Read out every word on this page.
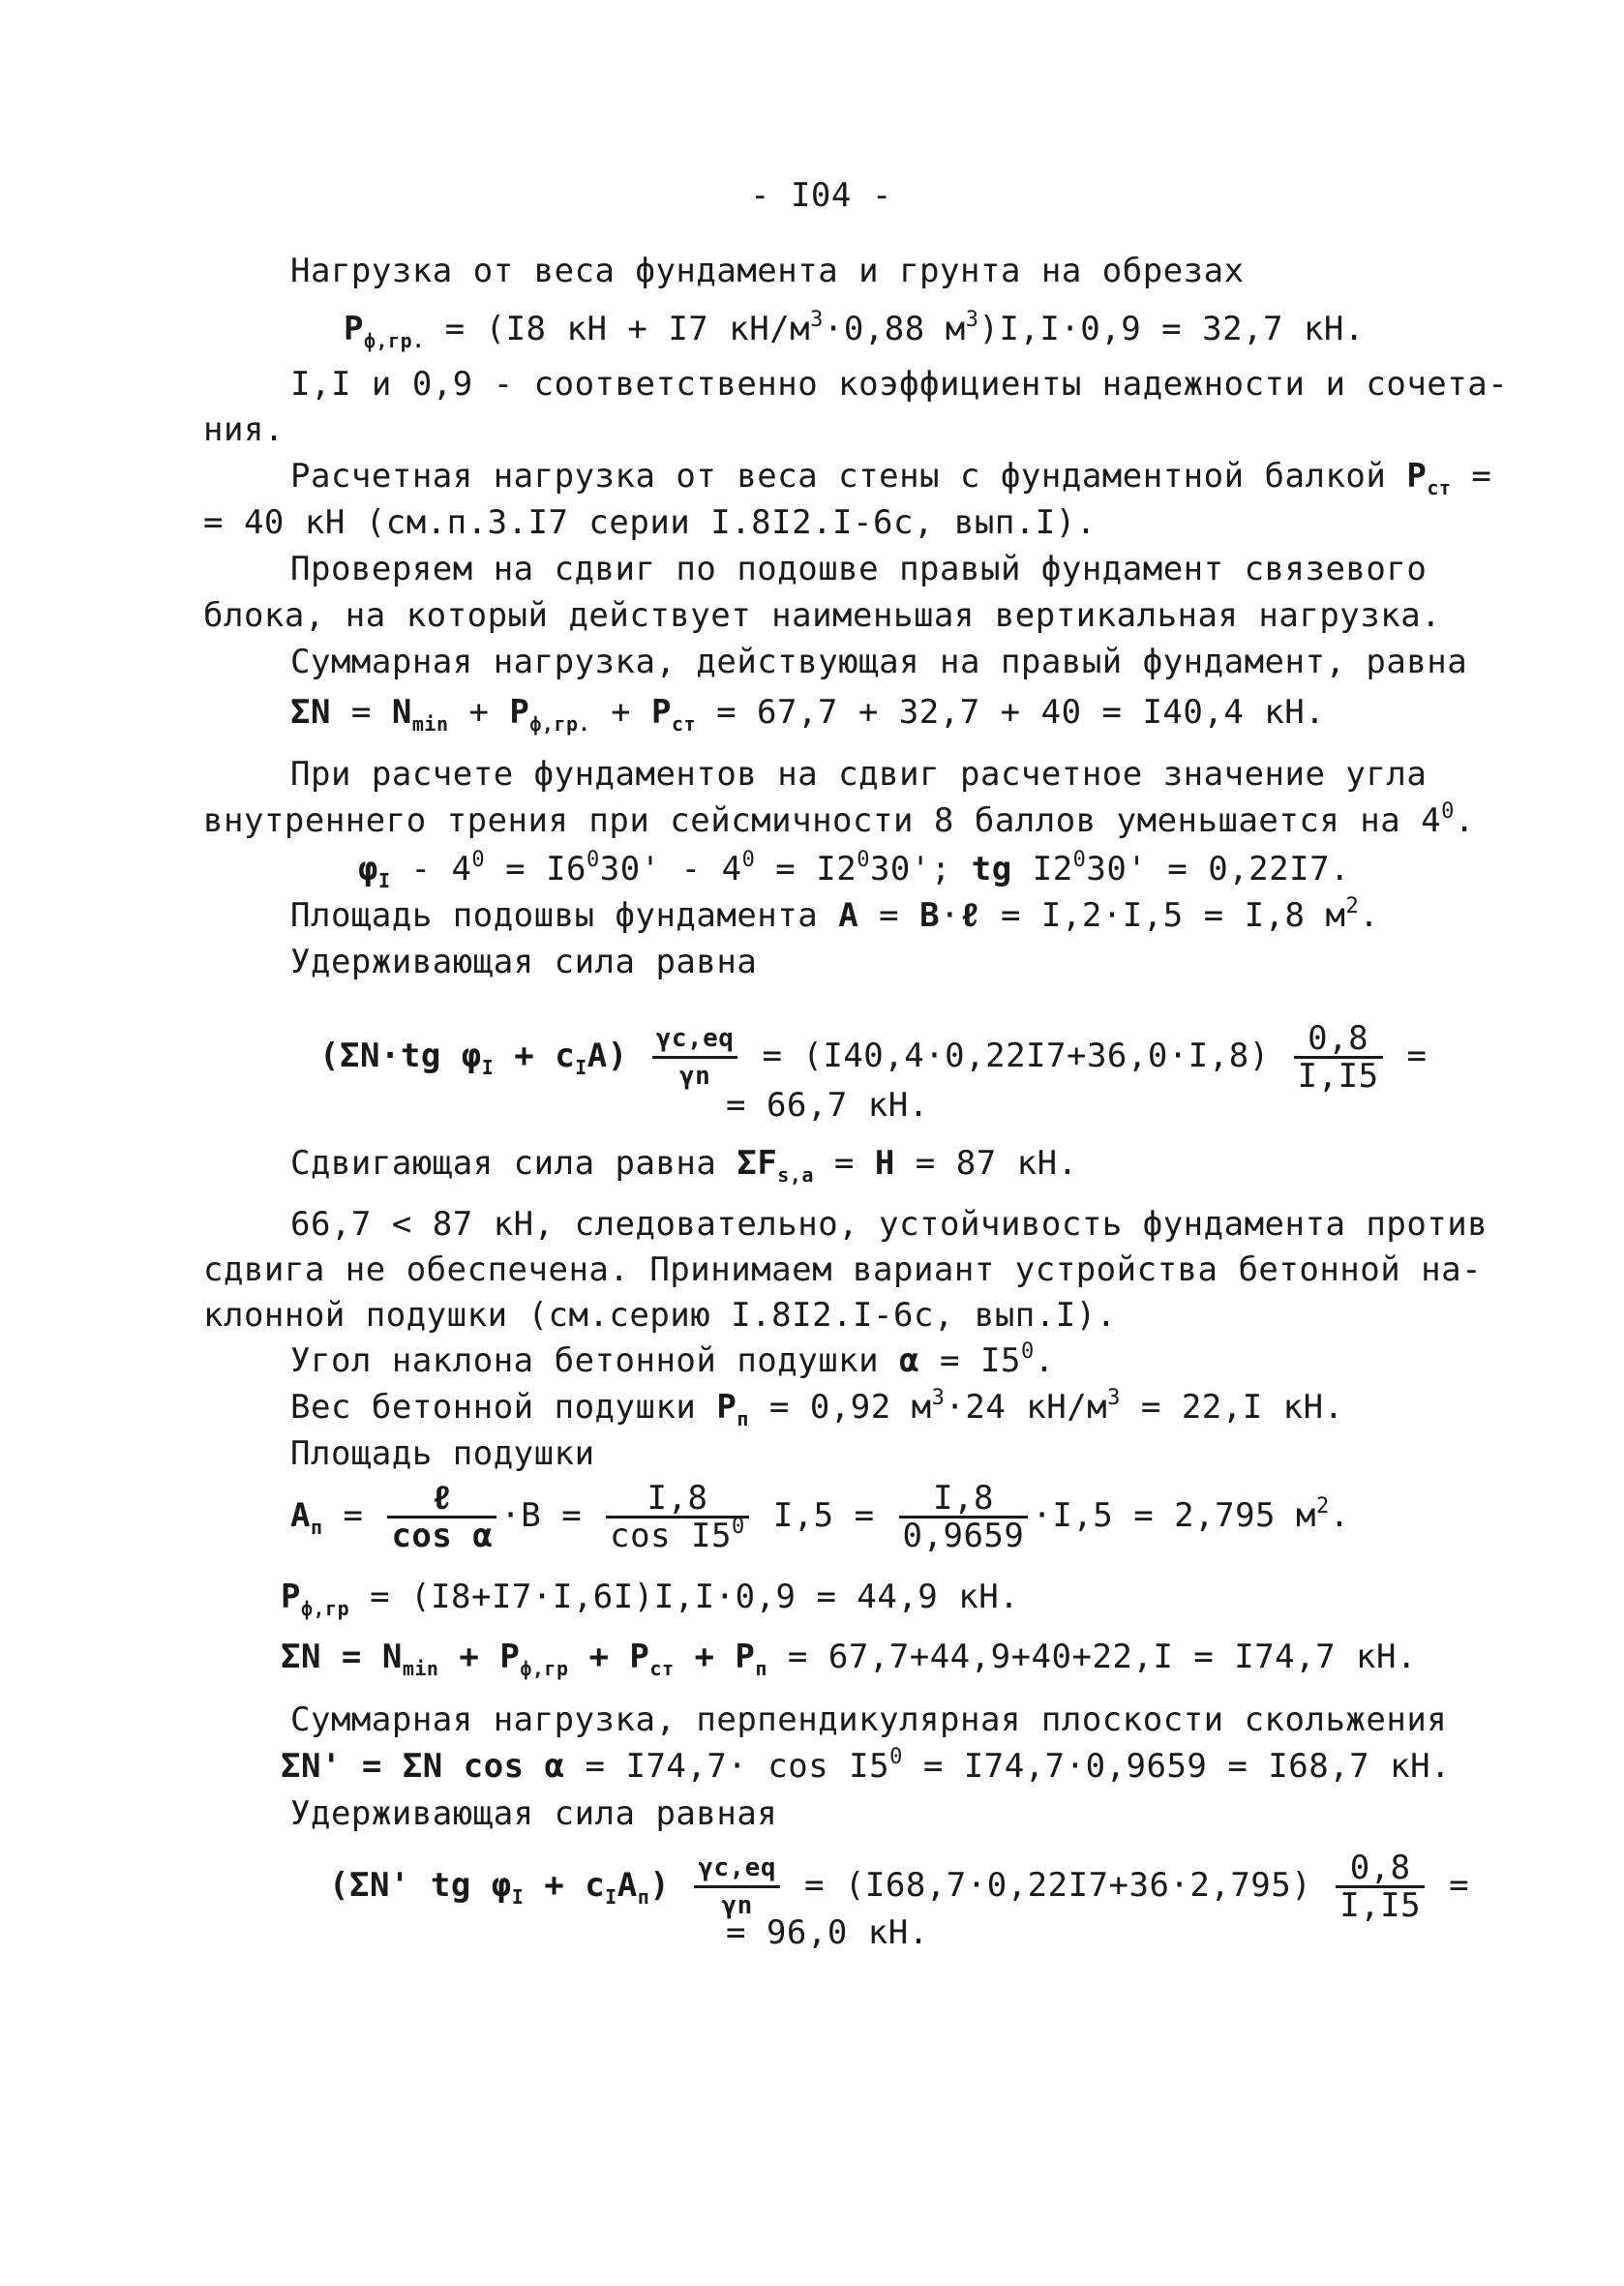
- I04 -
Нагрузка от веса фундамента и грунта на обрезах
$P_{ф,гр.} = (I8$ кН + I7 $кН/м^3\cdot 0,88$ $м^3)I,I\cdot 0,9 = 32,7$ кН.
I,I и 0,9 - соответственно коэффициенты надежности и сочета-
ния.
Расчетная нагрузка от веса стены с фундаментной балкой $P_{ст}$ =
= 40 кН (см.п.3.I7 серии I.8I2.I-6с, вып.I).
Проверяем на сдвиг по подошве правый фундамент связевого
блока, на который действует наименьшая вертикальная нагрузка.
Суммарная нагрузка, действующая на правый фундамент, равна
$\Sigma N = N_{min} + P_{ф,гр.} + P_{ст} = 67,7 + 32,7 + 40 = I40,4$ кН.
При расчете фундаментов на сдвиг расчетное значение угла
внутреннего трения при сейсмичности 8 баллов уменьшается на $4^0$.
$\varphi_I - 4^0 = I6^030' - 4^0 = I2^030'$; tg $I2^030' = 0,22I7$.
Площадь подошвы фундамента A = B·ℓ = I,2·I,5 = I,8 $м^2$.
Удерживающая сила равна
(ΣN·tg $\varphi_I + c_IA) \frac{\gamma c,eq}{\gamma n} = (I40,4\cdot 0,22I7+36,0\cdot I,8) \frac{0,8}{I,I5}$ =
= 66,7 кН.
Сдвигающая сила равна $\Sigma F_{s,a} = H = 87$ кН.
66,7 < 87 кН, следовательно, устойчивость фундамента против
сдвига не обеспечена. Принимаем вариант устройства бетонной на-
клонной подушки (см.серию I.8I2.I-6с, вып.I).
Угол наклона бетонной подушки $\alpha = I5^0$.
Вес бетонной подушки $P_п = 0,92$ $м^3\cdot 24$ $кН/м^3 = 22,I$ кН.
Площадь подушки
$A_п = \frac{\text{ℓ}}{\text{cos α}} \cdot B = \frac{I,8}{\cos I5^0} I,5 = \frac{I,8}{0,9659} \cdot I,5 = 2,795$ $м^2$.
$P_{ф,гр} = (I8+I7\cdot I,6I)I,I\cdot 0,9 = 44,9$ кН.
$\Sigma N = N_{min} + P_{ф,гр} + P_{ст} + P_п = 67,7+44,9+40+22,I = I74,7$ кН.
Суммарная нагрузка, перпендикулярная плоскости скольжения
ΣN' = ΣN $\cos \alpha = I74,7\cdot \cos I5^0 = I74,7\cdot 0,9659 = I68,7$ кН.
Удерживающая сила равная
(ΣN' tg $\varphi_I + c_IA_п) \frac{\gamma c,eq}{\gamma n} = (I68,7\cdot 0,22I7+36\cdot 2,795) \frac{0,8}{I,I5}$ =
= 96,0 кН.
